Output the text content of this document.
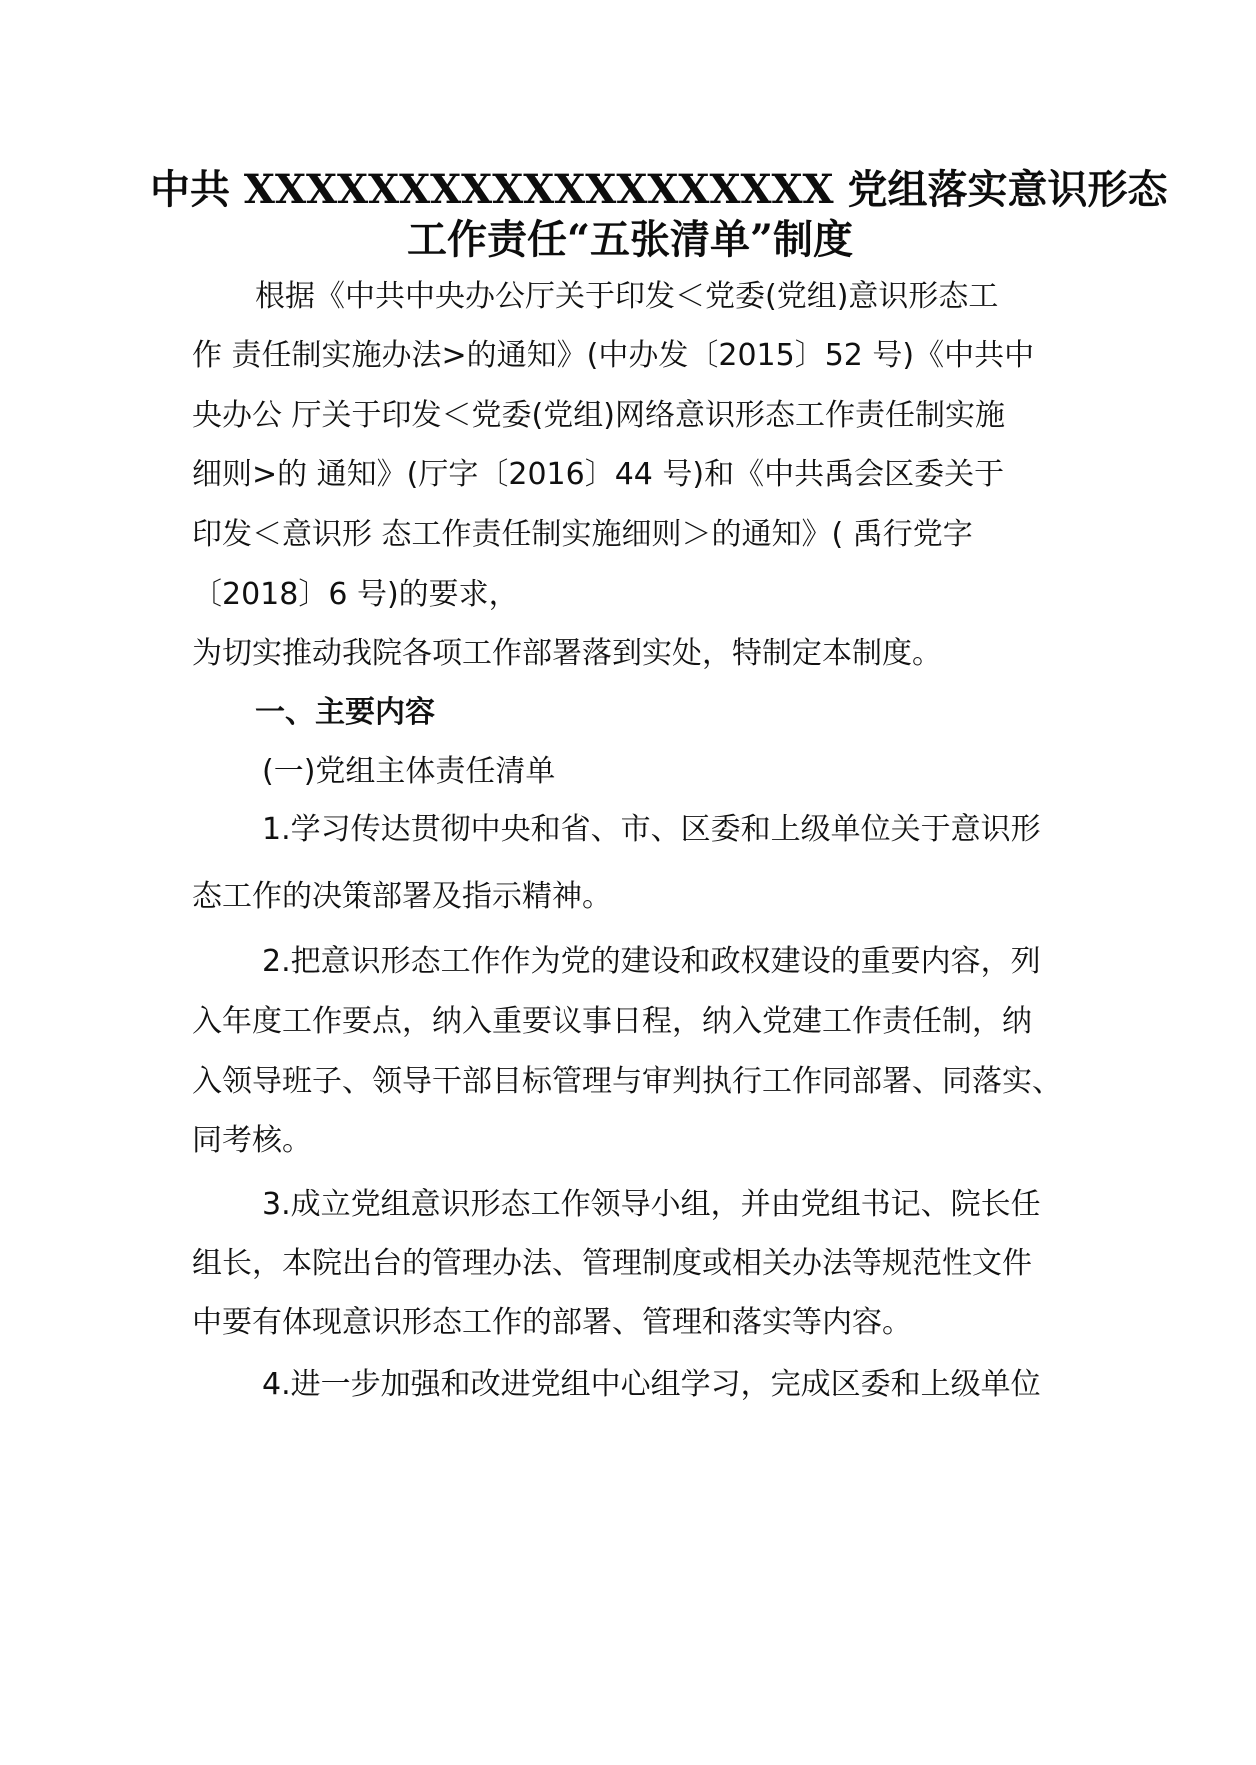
中共 XXXXXXXXXXXXXXXXXXX 党组落实意识形态
工作责任“五张清单”制度
根据《中共中央办公厅关于印发＜党委(党组)意识形态工
作 责任制实施办法>的通知》(中办发〔2015〕52 号)《中共中
央办公 厅关于印发＜党委(党组)网络意识形态工作责任制实施
细则>的 通知》(厅字〔2016〕44 号)和《中共禹会区委关于
印发＜意识形 态工作责任制实施细则＞的通知》( 禹行党字
〔2018〕6 号)的要求，
为切实推动我院各项工作部署落到实处，特制定本制度。
一、主要内容
(一)党组主体责任清单
1.学习传达贯彻中央和省、市、区委和上级单位关于意识形
态工作的决策部署及指示精神。
2.把意识形态工作作为党的建设和政权建设的重要内容，列
入年度工作要点，纳入重要议事日程，纳入党建工作责任制，纳
入领导班子、领导干部目标管理与审判执行工作同部署、同落实、
同考核。
3.成立党组意识形态工作领导小组，并由党组书记、院长任
组长，本院出台的管理办法、管理制度或相关办法等规范性文件
中要有体现意识形态工作的部署、管理和落实等内容。
4.进一步加强和改进党组中心组学习，完成区委和上级单位
